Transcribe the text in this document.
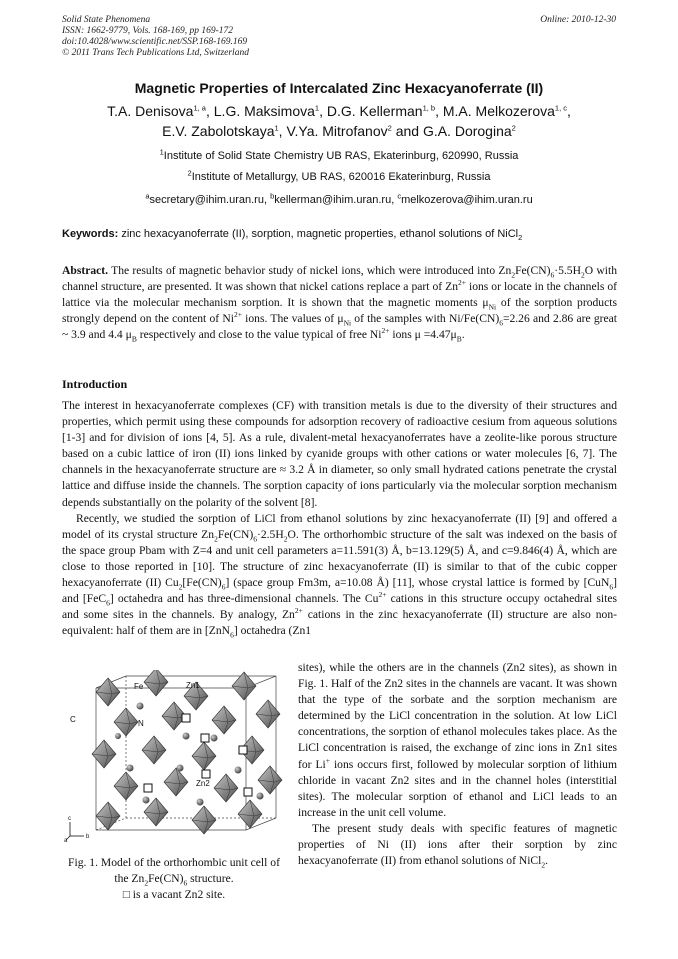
Solid State Phenomena
ISSN: 1662-9779, Vols. 168-169, pp 169-172
doi:10.4028/www.scientific.net/SSP.168-169.169
© 2011 Trans Tech Publications Ltd, Switzerland
Online: 2010-12-30
Magnetic Properties of Intercalated Zinc Hexacyanoferrate (II)
T.A. Denisova$^{1, a}$, L.G. Maksimova$^1$, D.G. Kellerman$^{1, b}$, M.A. Melkozerova$^{1, c}$,
E.V. Zabolotskaya$^1$, V.Ya. Mitrofanov$^2$ and G.A. Dorogina$^2$
$^1$Institute of Solid State Chemistry UB RAS, Ekaterinburg, 620990, Russia
$^2$Institute of Metallurgy, UB RAS, 620016 Ekaterinburg, Russia
$^a$secretary@ihim.uran.ru, $^b$kellerman@ihim.uran.ru, $^c$melkozerova@ihim.uran.ru
Keywords: zinc hexacyanoferrate (II), sorption, magnetic properties, ethanol solutions of NiCl$_2$

Abstract. The results of magnetic behavior study of nickel ions, which were introduced into $Zn_2Fe(CN)_6\cdot 5.5H_2O$ with channel structure, are presented. It was shown that nickel cations replace a part of $Zn^{2+}$ ions or locate in the channels of lattice via the molecular mechanism sorption. It is shown that the magnetic moments $\mu_{Ni}$ of the sorption products strongly depend on the content of $Ni^{2+}$ ions. The values of $\mu_{Ni}$ of the samples with $Ni/Fe(CN)_6=2.26$ and 2.86 are great ~ 3.9 and 4.4 $\mu_B$ respectively and close to the value typical of free $Ni^{2+}$ ions $\mu =4.47\mu_B$.

Introduction

The interest in hexacyanoferrate complexes (CF) with transition metals is due to the diversity of their structures and properties, which permit using these compounds for adsorption recovery of radioactive cesium from aqueous solutions [1-3] and for division of ions [4, 5]. As a rule, divalent-metal hexacyanoferrates have a zeolite-like porous structure based on a cubic lattice of iron (II) ions linked by cyanide groups with other cations or water molecules [6, 7]. The channels in the hexacyanoferrate structure are ≈ 3.2 Å in diameter, so only small hydrated cations penetrate the crystal lattice and diffuse inside the channels. The sorption capacity of ions particularly via the molecular sorption mechanism depends substantially on the polarity of the solvent [8].

Recently, we studied the sorption of LiCl from ethanol solutions by zinc hexacyanoferrate (II) [9] and offered a model of its crystal structure $Zn_2Fe(CN)_6\cdot 2.5H_2O$. The orthorhombic structure of the salt was indexed on the basis of the space group Pbam with Z=4 and unit cell parameters a=11.591(3) Å, b=13.129(5) Å, and c=9.846(4) Å, which are close to those reported in [10]. The structure of zinc hexacyanoferrate (II) is similar to that of the cubic copper hexacyanoferrate (II) $Cu_2[Fe(CN)_6]$ (space group Fm3m, a=10.08 Å) [11], whose crystal lattice is formed by [CuN$_6$] and [FeC$_6$] octahedra and has three-dimensional channels. The $Cu^{2+}$ cations in this structure occupy octahedral sites and some sites in the channels. By analogy, $Zn^{2+}$ cations in the zinc hexacyanoferrate (II) structure are also non-equivalent: half of them are in [ZnN$_6$] octahedra (Zn1

sites), while the others are in the channels (Zn2 sites), as shown in Fig. 1. Half of the Zn2 sites in the channels are vacant. It was shown that the type of the sorbate and the sorption mechanism are determined by the LiCl concentration in the solution. At low LiCl concentrations, the sorption of ethanol molecules takes place. As the LiCl concentration is raised, the exchange of zinc ions in Zn1 sites for Li+ ions occurs first, followed by molecular sorption of lithium chloride in vacant Zn2 sites and in the channel holes (interstitial sites). The molecular sorption of ethanol and LiCl leads to an increase in the unit cell volume.

The present study deals with specific features of magnetic properties of Ni (II) ions after their sorption by zinc hexacyanoferrate (II) from ethanol solutions of NiCl$_2$.

Fe	Zn1
C	N
Zn2
c
a
b
Fig. 1. Model of the orthorhombic unit cell of the $Zn_2Fe(CN)_6$ structure.
□ is a vacant Zn2 site.
